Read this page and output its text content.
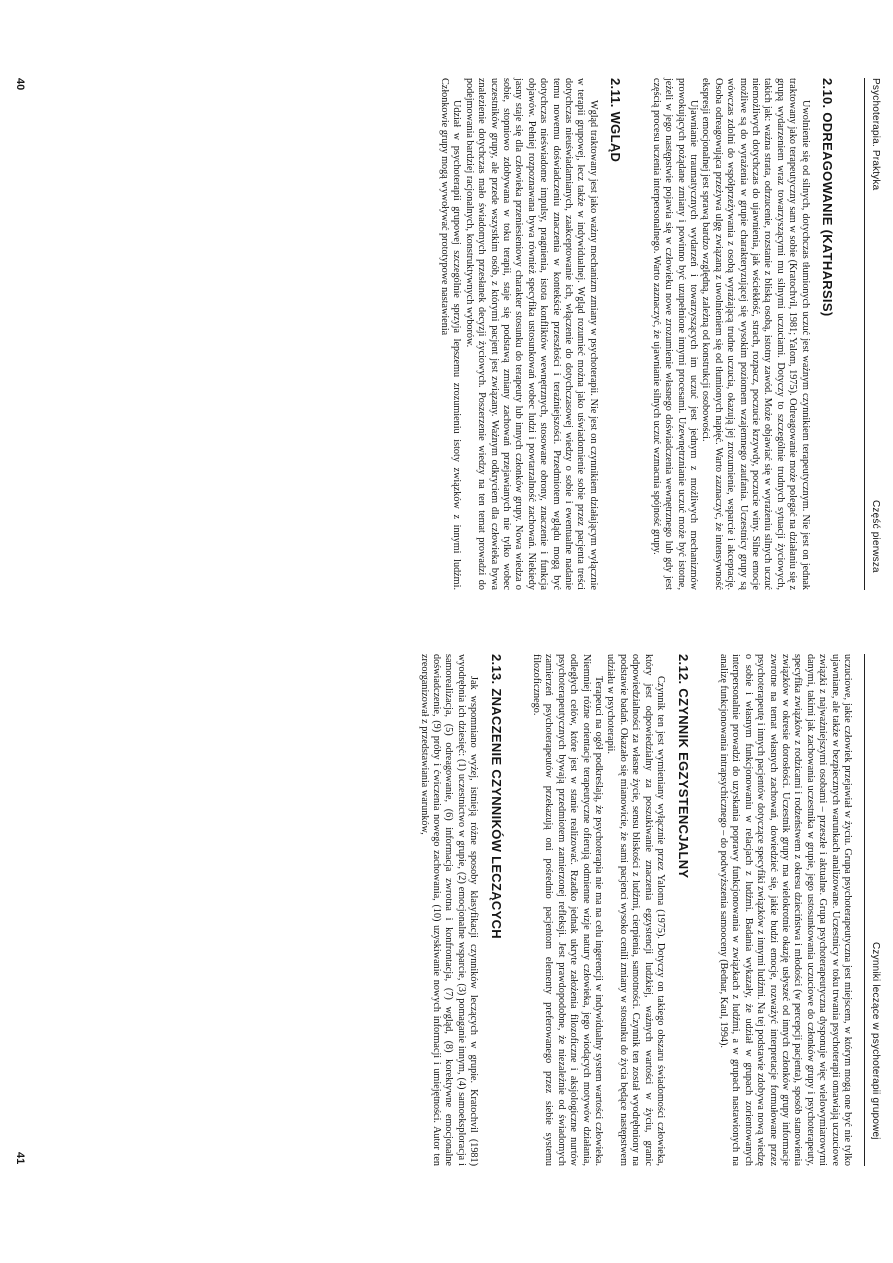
Psychoterapia. Praktyka
Część pierwsza
2.10. ODREAGOWANIE (KATHARSIS)

Uwolnienie się od silnych, dotychczas tłumionych uczuć jest ważnym czynnikiem terapeutycznym. Nie jest on jednak traktowany jako terapeutyczny sam w sobie (Kratochvil, 1981; Yalom, 1975). Odreagowanie może polegać na działaniu się z grupą wydarzeniem wraz towarzyszącymi mu silnymi uczuciami. Dotyczy to szczególnie trudnych sytuacji życiowych, takich jak: ważna strata, odrzucenie, rozstanie z bliską osobą, istotny zawód. Może objawiać się w wyrażeniu silnych uczuć niemożliwych dotychczas do ujawnienia, jak wściekłość, strach, rozpacz, poczucie krzywdy, poczucie winy. Silne emocje możliwe są do wyrażenia w grupie charakteryzującej się wysokim poziomem wzajemnego zaufania. Uczestnicy grupy są wówczas zdolni do współprzeżywania z osobą wyrażającą trudne uczucia, okazują jej zrozumienie, wsparcie i akceptację. Osoba odreagowująca przeżywa ulgę związaną z uwolnieniem się od tłumionych napięć. Warto zaznaczyć, że intensywność ekspresji emocjonalnej jest sprawą bardzo względną, zależną od konstrukcji osobowości.

Ujawnianie traumatycznych wydarzeń i towarzyszących im uczuć jest jednym z możliwych mechanizmów prowokujących pożądane zmiany i powinno być uzupełnione innymi procesami. Uzewnętrznianie uczuć może być istotne, jeżeli w jego następstwie pojawia się w człowieku nowe zrozumienie własnego doświadczenia wewnętrznego lub gdy jest częścią procesu uczenia interpersonalnego. Warto zaznaczyć, że ujawnianie silnych uczuć wzmacnia spójność grupy.

2.11. WGLĄD

Wgląd traktowany jest jako ważny mechanizm zmiany w psychoterapii. Nie jest on czynnikiem działającym wyłącznie w terapii grupowej, lecz także w indywidualnej. Wgląd rozumieć można jako uświadomienie sobie przez pacjenta treści dotychczas nieuświadamianych, zaakceptowanie ich, włączenie do dotychczasowej wiedzy o sobie i ewentualne nadanie temu nowemu doświadczeniu znaczenia w kontekście przeszłości i teraźniejszości. Przedmiotem wglądu mogą być dotychczas nieświadome impulsy, pragnienia, istota konfliktów wewnętrznych, stosowane obrony, znaczenie i funkcja objawów. Pełniej rozpoznawana bywa również specyfika ustosunkowań wobec ludzi i powtarzalność zachowań. Niekiedy jasny staje się dla człowieka przeniesieniowy charakter stosunku do terapeuty lub innych członków grupy. Nowa wiedza o sobie, stopniowo zdobywana w toku terapii, staje się podstawą zmiany zachowań przejawianych nie tylko wobec uczestników grupy, ale przede wszystkim osób, z którymi pacjent jest związany. Ważnym odkryciem dla człowieka bywa znalezienie dotychczas mało świadomych przesłanek decyzji życiowych. Poszerzenie wiedzy na ten temat prowadzi do podejmowania bardziej racjonalnych, konstruktywnych wyborów.

Udział w psychoterapii grupowej szczególnie sprzyja lepszemu zrozumieniu istoty związków z innymi ludźmi. Członkowie grupy mogą wywoływać prototypowe nastawienia

40
Czynniki leczące w psychoterapii grupowej

uczuciowe, jakie człowiek przejawiał w życiu. Grupa psychoterapeutyczna jest miejscem, w którym mogą one być nie tylko ujawniane, ale także w bezpiecznych warunkach analizowane. Uczestnicy w toku trwania psychoterapii omawiają uczuciowe związki z najważniejszymi osobami – przeszłe i aktualne. Grupa psychoterapeutyczna dysponuje więc wielowymiarowymi danymi, takimi jak zachowania uczestnika w grupie, jego ustosunkowania uczuciowe do członków grupy i psychoterapeuty, specyfika związków z rodzicami i rodzeństwem z okresu dzieciństwa i młodości (w percepcji pacjenta), sposób stanowienia związków w okresie dorosłości. Uczestnik grupy ma wielokrotnie okazję usłyszeć od innych członków grupy informacje zwrotne na temat własnych zachowań, dowiedzieć się, jakie budzi emocje, rozważyć interpretacje formułowane przez psychoterapeutę i innych pacjentów dotyczące specyfiki związków z innymi ludźmi. Na tej podstawie zdobywa nową wiedzę o sobie i własnym funkcjonowaniu w relacjach z ludźmi. Badania wykazały, że udział w grupach zorientowanych interpersonalnie prowadzi do uzyskania poprawy funkcjonowania w związkach z ludźmi, a w grupach nastawionych na analizę funkcjonowania intrapsychicznego – do podwyższenia samooceny (Bednar, Kaul, 1994).

2.12. CZYNNIK EGZYSTENCJALNY

Czynnik ten jest wymieniany wyłącznie przez Yaloma (1975). Dotyczy on takiego obszaru świadomości człowieka, który jest odpowiedzialny za poszukiwanie znaczenia egzystencji ludzkiej, ważnych wartości w życiu, granic odpowiedzialności za własne życie, sensu bliskości z ludźmi, cierpienia, samotności. Czynnik ten został wyodrębniony na podstawie badań. Okazało się mianowicie, że sami pacjenci wysoko cenili zmiany w stosunku do życia będące następstwem udziału w psychoterapii.

Terapeuci na ogół podkreślają, że psychoterapia nie ma na celu ingerencji w indywidualny system wartości człowieka. Niemniej różne orientacje terapeutyczne ofierują odmienne wizje natury człowieka, jego wiodących motywów działania, odległych celów, które jest w stanie realizować. Rzadko jednak ukryte założenia filozoficzne i aksjologiczne nurtów psychoterapeutycznych bywają przedmiotem zamierzonej refleksji. Jest prawdopodobne, że niezależnie od świadomych zamierzeń psychoterapeutów przekazują oni pośrednio pacjentom elementy preferowanego przez siebie systemu filozoficznego.

2.13. ZNACZENIE CZYNNIKÓW LECZĄCYCH

Jak wspomniano wyżej, istnieją różne sposoby klasyfikacji czynników leczących w grupie. Kratochvil (1981) wyodrębnia ich dziesięć: (1) uczestnictwo w grupie, (2) emocjonalne wsparcie, (3) pomaganie innym, (4) samoeksploracja i samorealizacja, (5) odreagowanie, (6) informacja zwrotna i konfrontacja, (7) wgląd, (8) korektywne emocjonalne doświadczenie, (9) próby i ćwiczenia nowego zachowania, (10) uzyskiwanie nowych informacji i umiejętności. Autor ten zreorganizował z przedstawiania warunków,

41
